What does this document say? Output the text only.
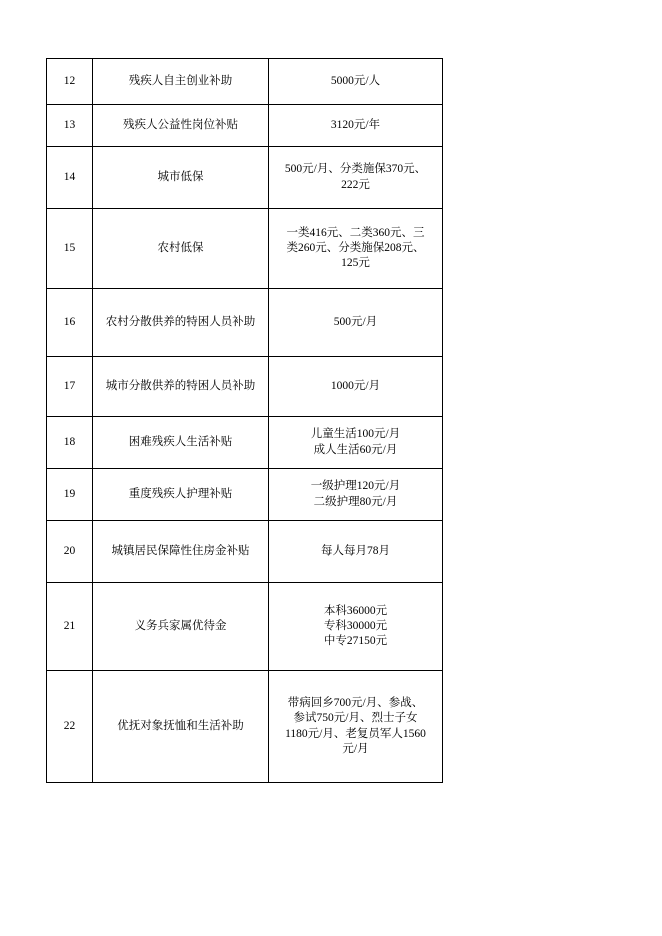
12	残疾人自主创业补助	5000元/人

13	残疾人公益性岗位补贴	3120元/年

14	城市低保	500元/月、分类施保370元、
222元

15	农村低保	一类416元、二类360元、三
类260元、分类施保208元、
125元

16	农村分散供养的特困人员补助	500元/月

17	城市分散供养的特困人员补助	1000元/月

18	困难残疾人生活补贴	儿童生活100元/月
成人生活60元/月

19	重度残疾人护理补贴	一级护理120元/月
二级护理80元/月

20	城镇居民保障性住房金补贴	每人每月78月

21	义务兵家属优待金	本科36000元
专科30000元
中专27150元

22	优抚对象抚恤和生活补助	带病回乡700元/月、参战、
参试750元/月、烈士子女
1180元/月、老复员军人1560
元/月
